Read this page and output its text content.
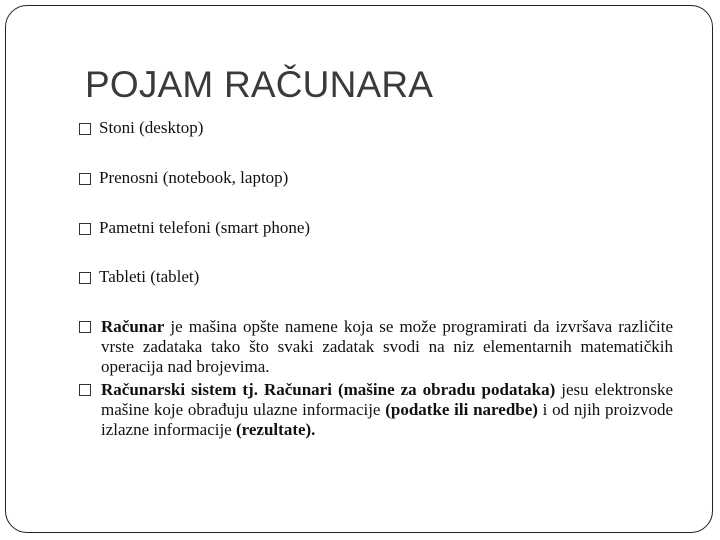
POJAM RAČUNARA
Stoni (desktop)
Prenosni (notebook, laptop)
Pametni telefoni (smart phone)
Tableti (tablet)
Računar je mašina opšte namene koja se može programirati da izvršava različite vrste zadataka tako što svaki zadatak svodi na niz elementarnih matematičkih operacija nad brojevima.
Računarski sistem tj. Računari (mašine za obradu podataka) jesu elektronske mašine koje obrađuju ulazne informacije (podatke ili naredbe) i od njih proizvode izlazne informacije (rezultate).
